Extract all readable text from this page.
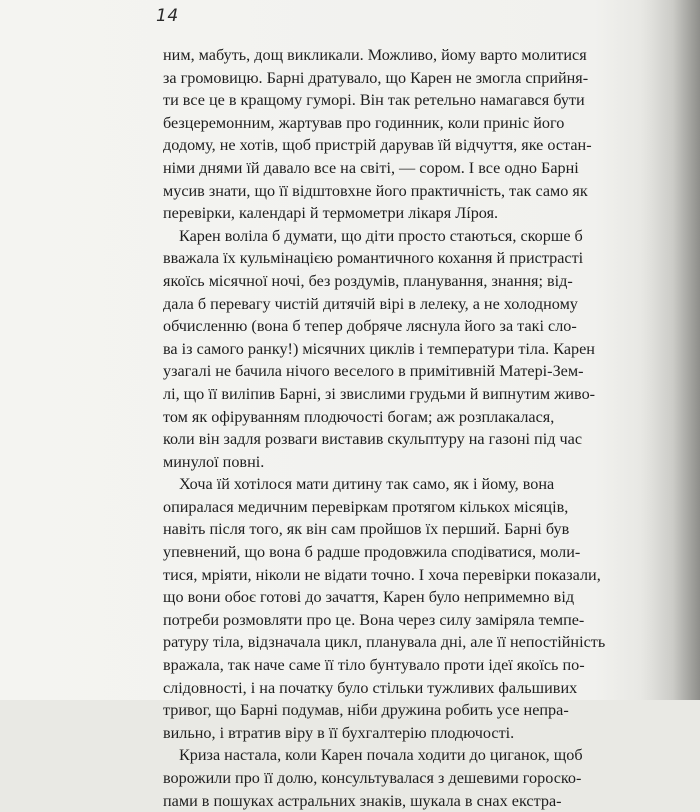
14
ним, мабуть, дощ викликали. Можливо, йому варто молитися
за громовицю. Барні дратувало, що Карен не змогла сприйня-
ти все це в кращому гуморі. Він так ретельно намагався бути
безцеремонним, жартував про годинник, коли приніс його
додому, не хотів, щоб пристрій дарував їй відчуття, яке остан-
німи днями їй давало все на світі, — сором. І все одно Барні
мусив знати, що її відштовхне його практичність, так само як
перевірки, календарі й термометри лікаря Лíроя.
Карен воліла б думати, що діти просто стаються, скорше б
вважала їх кульмінацією романтичного кохання й пристрасті
якоїсь місячної ночі, без роздумів, планування, знання; від-
дала б перевагу чистій дитячій вірі в лелеку, а не холодному
обчисленню (вона б тепер добряче ляснула його за такі сло-
ва із самого ранку!) місячних циклів і температури тіла. Карен
узагалі не бачила нічого веселого в примітивній Матері-Зем-
лі, що її виліпив Барні, зі звислими грудьми й випнутим живо-
том як офіруванням плодючості богам; аж розплакалася,
коли він задля розваги виставив скульптуру на газоні під час
минулої повні.
Хоча їй хотілося мати дитину так само, як і йому, вона
опиралася медичним перевіркам протягом кількох місяців,
навіть після того, як він сам пройшов їх перший. Барні був
упевнений, що вона б радше продовжила сподіватися, моли-
тися, мріяти, ніколи не відати точно. І хоча перевірки показали,
що вони обоє готові до зачаття, Карен було непримемно від
потреби розмовляти про це. Вона через силу заміряла темпе-
ратуру тіла, відзначала цикл, планувала дні, але її непостійність
вражала, так наче саме її тіло бунтувало проти ідеї якоїсь по-
слідовності, і на початку було стільки тужливих фальшивих
тривог, що Барні подумав, ніби дружина робить усе непра-
вильно, і втратив віру в її бухгалтерію плодючості.
Криза настала, коли Карен почала ходити до циганок, щоб
ворожили про її долю, консультувалася з дешевими гороско-
пами в пошуках астральних знаків, шукала в снах екстра-
